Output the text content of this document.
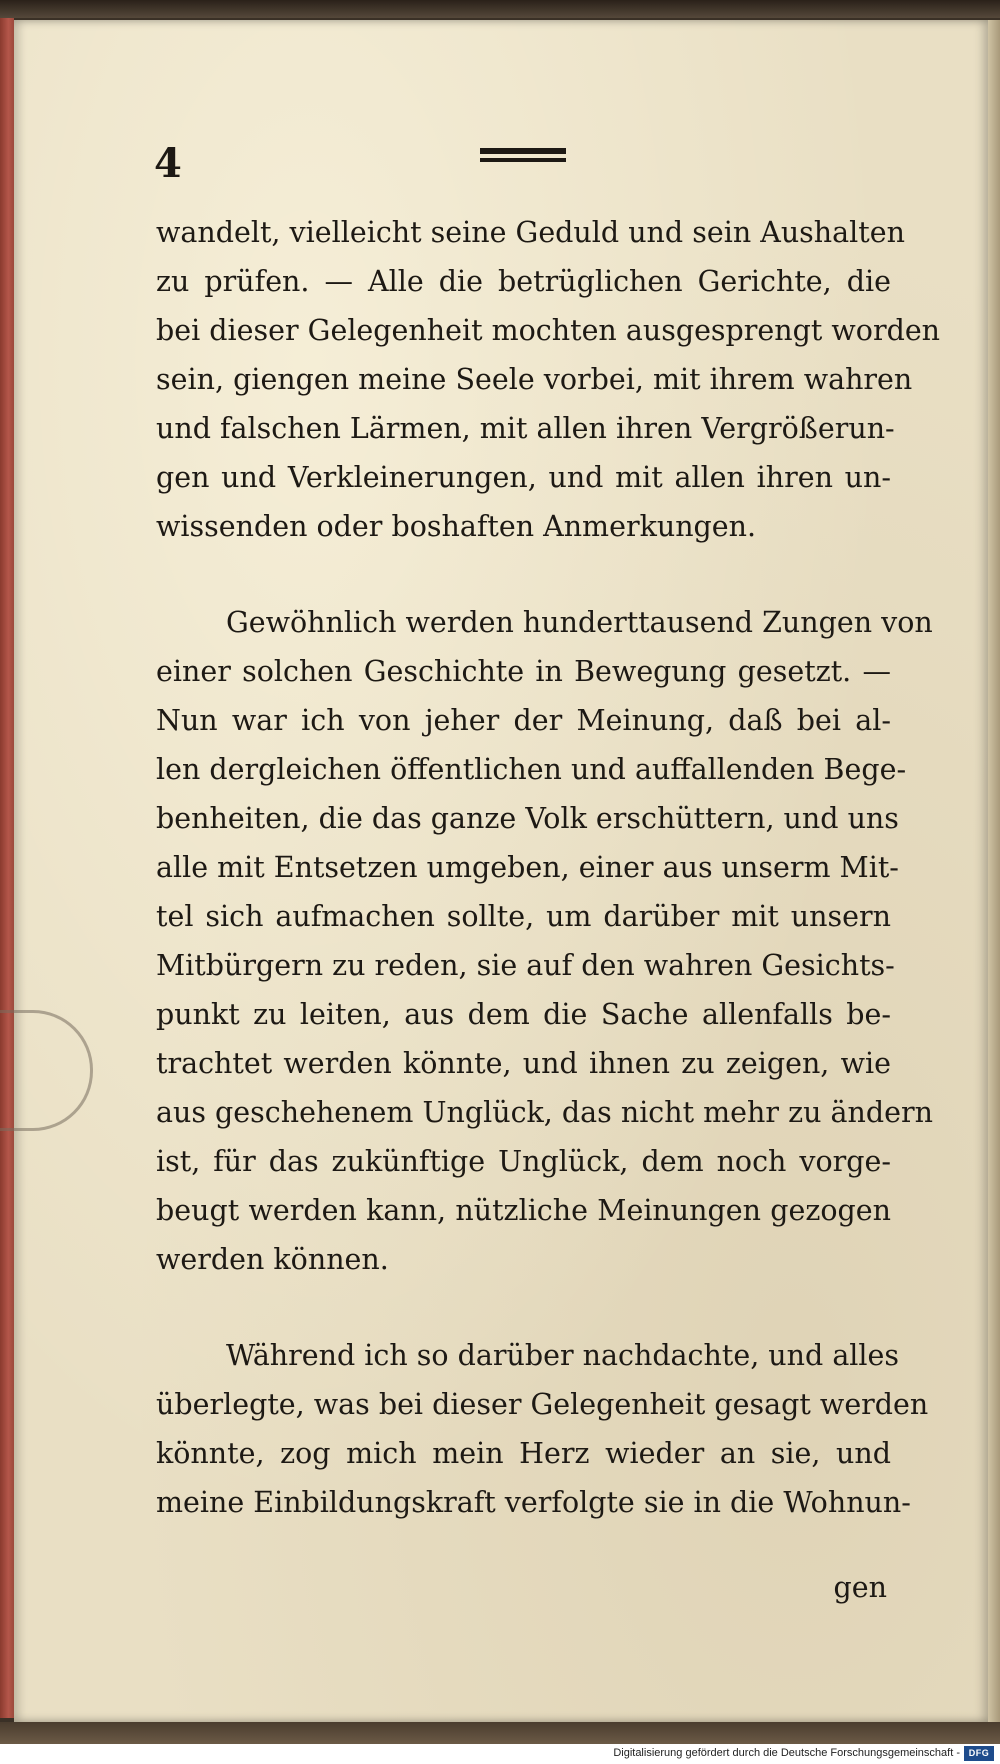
4

wandelt, vielleicht seine Geduld und sein Aushalten
zu prüfen. — Alle die betrüglichen Gerichte, die
bei dieser Gelegenheit mochten ausgesprengt worden
sein, giengen meine Seele vorbei, mit ihrem wahren
und falschen Lärmen, mit allen ihren Vergrößerun-
gen und Verkleinerungen, und mit allen ihren un-
wissenden oder boshaften Anmerkungen.

Gewöhnlich werden hunderttausend Zungen von
einer solchen Geschichte in Bewegung gesetzt. —
Nun war ich von jeher der Meinung, daß bei al-
len dergleichen öffentlichen und auffallenden Bege-
benheiten, die das ganze Volk erschüttern, und uns
alle mit Entsetzen umgeben, einer aus unserm Mit-
tel sich aufmachen sollte, um darüber mit unsern
Mitbürgern zu reden, sie auf den wahren Gesichts-
punkt zu leiten, aus dem die Sache allenfalls be-
trachtet werden könnte, und ihnen zu zeigen, wie
aus geschehenem Unglück, das nicht mehr zu ändern
ist, für das zukünftige Unglück, dem noch vorge-
beugt werden kann, nützliche Meinungen gezogen
werden können.

Während ich so darüber nachdachte, und alles
überlegte, was bei dieser Gelegenheit gesagt werden
könnte, zog mich mein Herz wieder an sie, und
meine Einbildungskraft verfolgte sie in die Wohnun-

gen
Digitalisierung gefördert durch die Deutsche Forschungsgemeinschaft - DFG
